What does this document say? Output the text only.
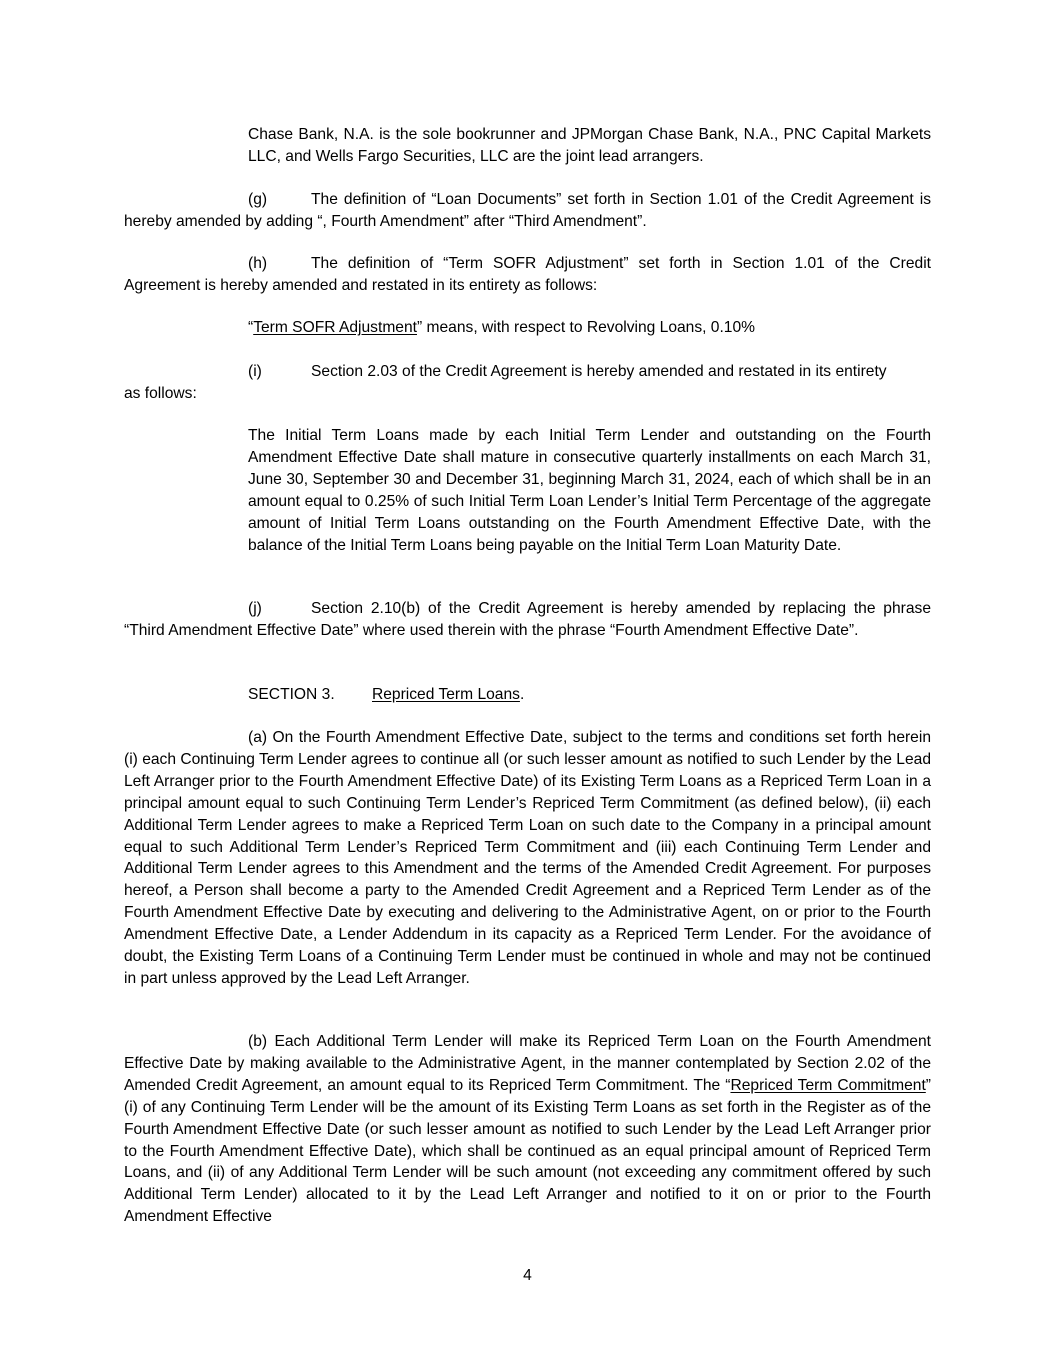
Chase Bank, N.A. is the sole bookrunner and JPMorgan Chase Bank, N.A., PNC Capital Markets LLC, and Wells Fargo Securities, LLC are the joint lead arrangers.

(g)	The definition of “Loan Documents” set forth in Section 1.01 of the Credit Agreement is hereby amended by adding “, Fourth Amendment” after “Third Amendment”.

(h)	The definition of “Term SOFR Adjustment” set forth in Section 1.01 of the Credit Agreement is hereby amended and restated in its entirety as follows:

“Term SOFR Adjustment” means, with respect to Revolving Loans, 0.10%

(i)	Section 2.03 of the Credit Agreement is hereby amended and restated in its entirety

as follows:

The Initial Term Loans made by each Initial Term Lender and outstanding on the Fourth Amendment Effective Date shall mature in consecutive quarterly installments on each March 31, June 30, September 30 and December 31, beginning March 31, 2024, each of which shall be in an amount equal to 0.25% of such Initial Term Loan Lender’s Initial Term Percentage of the aggregate amount of Initial Term Loans outstanding on the Fourth Amendment Effective Date, with the balance of the Initial Term Loans being payable on the Initial Term Loan Maturity Date.

(j)	Section 2.10(b) of the Credit Agreement is hereby amended by replacing the phrase “Third Amendment Effective Date” where used therein with the phrase “Fourth Amendment Effective Date”.

SECTION 3. Repriced Term Loans.

(a) On the Fourth Amendment Effective Date, subject to the terms and conditions set forth herein (i) each Continuing Term Lender agrees to continue all (or such lesser amount as notified to such Lender by the Lead Left Arranger prior to the Fourth Amendment Effective Date) of its Existing Term Loans as a Repriced Term Loan in a principal amount equal to such Continuing Term Lender’s Repriced Term Commitment (as defined below), (ii) each Additional Term Lender agrees to make a Repriced Term Loan on such date to the Company in a principal amount equal to such Additional Term Lender’s Repriced Term Commitment and (iii) each Continuing Term Lender and Additional Term Lender agrees to this Amendment and the terms of the Amended Credit Agreement. For purposes hereof, a Person shall become a party to the Amended Credit Agreement and a Repriced Term Lender as of the Fourth Amendment Effective Date by executing and delivering to the Administrative Agent, on or prior to the Fourth Amendment Effective Date, a Lender Addendum in its capacity as a Repriced Term Lender. For the avoidance of doubt, the Existing Term Loans of a Continuing Term Lender must be continued in whole and may not be continued in part unless approved by the Lead Left Arranger.

(b) Each Additional Term Lender will make its Repriced Term Loan on the Fourth Amendment Effective Date by making available to the Administrative Agent, in the manner contemplated by Section 2.02 of the Amended Credit Agreement, an amount equal to its Repriced Term Commitment. The “Repriced Term Commitment” (i) of any Continuing Term Lender will be the amount of its Existing Term Loans as set forth in the Register as of the Fourth Amendment Effective Date (or such lesser amount as notified to such Lender by the Lead Left Arranger prior to the Fourth Amendment Effective Date), which shall be continued as an equal principal amount of Repriced Term Loans, and (ii) of any Additional Term Lender will be such amount (not exceeding any commitment offered by such Additional Term Lender) allocated to it by the Lead Left Arranger and notified to it on or prior to the Fourth Amendment Effective

4
